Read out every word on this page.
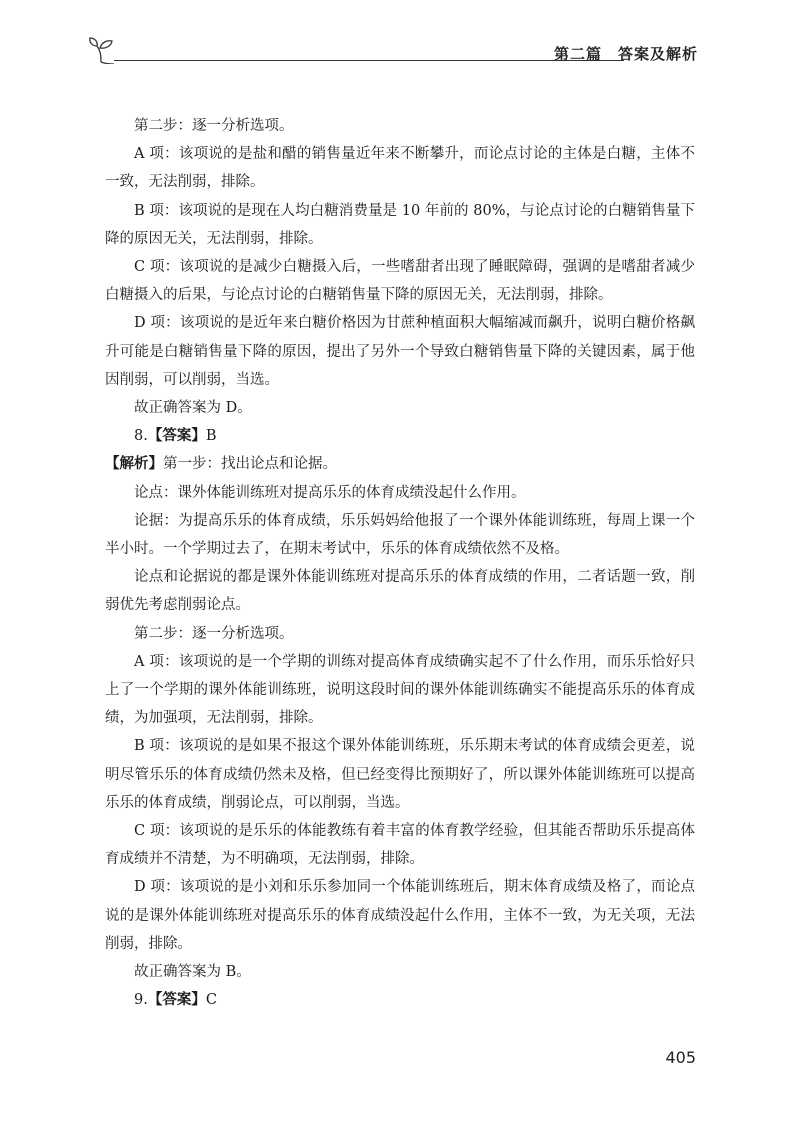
第二篇　答案及解析

第二步：逐一分析选项。

A 项：该项说的是盐和醋的销售量近年来不断攀升，而论点讨论的主体是白糖，主体不一致，无法削弱，排除。

B 项：该项说的是现在人均白糖消费量是 10 年前的 80%，与论点讨论的白糖销售量下降的原因无关，无法削弱，排除。

C 项：该项说的是减少白糖摄入后，一些嗜甜者出现了睡眠障碍，强调的是嗜甜者减少白糖摄入的后果，与论点讨论的白糖销售量下降的原因无关，无法削弱，排除。

D 项：该项说的是近年来白糖价格因为甘蔗种植面积大幅缩减而飙升，说明白糖价格飙升可能是白糖销售量下降的原因，提出了另外一个导致白糖销售量下降的关键因素，属于他因削弱，可以削弱，当选。

故正确答案为 D。

8.【答案】B

【解析】第一步：找出论点和论据。

论点：课外体能训练班对提高乐乐的体育成绩没起什么作用。

论据：为提高乐乐的体育成绩，乐乐妈妈给他报了一个课外体能训练班，每周上课一个半小时。一个学期过去了，在期末考试中，乐乐的体育成绩依然不及格。

论点和论据说的都是课外体能训练班对提高乐乐的体育成绩的作用，二者话题一致，削弱优先考虑削弱论点。

第二步：逐一分析选项。

A 项：该项说的是一个学期的训练对提高体育成绩确实起不了什么作用，而乐乐恰好只上了一个学期的课外体能训练班，说明这段时间的课外体能训练确实不能提高乐乐的体育成绩，为加强项，无法削弱，排除。

B 项：该项说的是如果不报这个课外体能训练班，乐乐期末考试的体育成绩会更差，说明尽管乐乐的体育成绩仍然未及格，但已经变得比预期好了，所以课外体能训练班可以提高乐乐的体育成绩，削弱论点，可以削弱，当选。

C 项：该项说的是乐乐的体能教练有着丰富的体育教学经验，但其能否帮助乐乐提高体育成绩并不清楚，为不明确项，无法削弱，排除。

D 项：该项说的是小刘和乐乐参加同一个体能训练班后，期末体育成绩及格了，而论点说的是课外体能训练班对提高乐乐的体育成绩没起什么作用，主体不一致，为无关项，无法削弱，排除。

故正确答案为 B。

9.【答案】C

405
